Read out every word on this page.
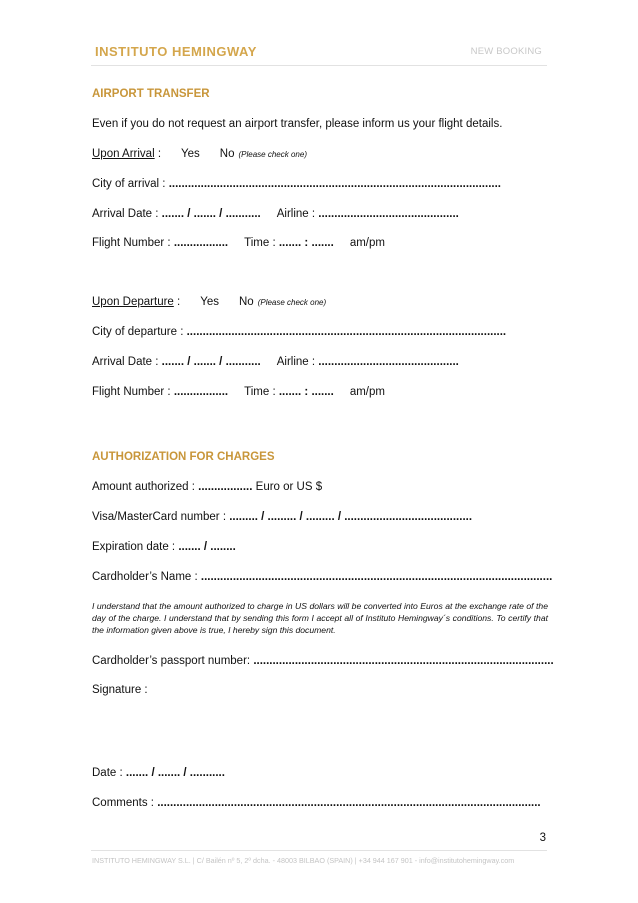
INSTITUTO HEMINGWAY	NEW BOOKING
AIRPORT TRANSFER
Even if you do not request an airport transfer, please inform us your flight details.
Upon Arrival : Yes No (Please check one)
City of arrival : ........................................................................................................
Arrival Date : ....... / ....... / ........... Airline : ............................................
Flight Number : ................. Time : ....... : ....... am/pm
Upon Departure : Yes No (Please check one)
City of departure : ....................................................................................................
Arrival Date : ....... / ....... / ........... Airline : ............................................
Flight Number : ................. Time : ....... : ....... am/pm
AUTHORIZATION FOR CHARGES
Amount authorized : ................. Euro or US $
Visa/MasterCard number : ......... / ......... / ......... / ........................................
Expiration date : ....... / ........
Cardholder’s Name : ..............................................................................................................
I understand that the amount authorized to charge in US dollars will be converted into Euros at the exchange rate of the day of the charge. I understand that by sending this form I accept all of Instituto Hemingway´s conditions. To certify that the information given above is true, I hereby sign this document.
Cardholder’s passport number: ..............................................................................................
Signature :
Date : ....... / ....... / ...........
Comments : ........................................................................................................................
3
INSTITUTO HEMINGWAY S.L. | C/ Bailén nº 5, 2º dcha. - 48003 BILBAO (SPAIN) | +34 944 167 901 - info@institutohemingway.com
